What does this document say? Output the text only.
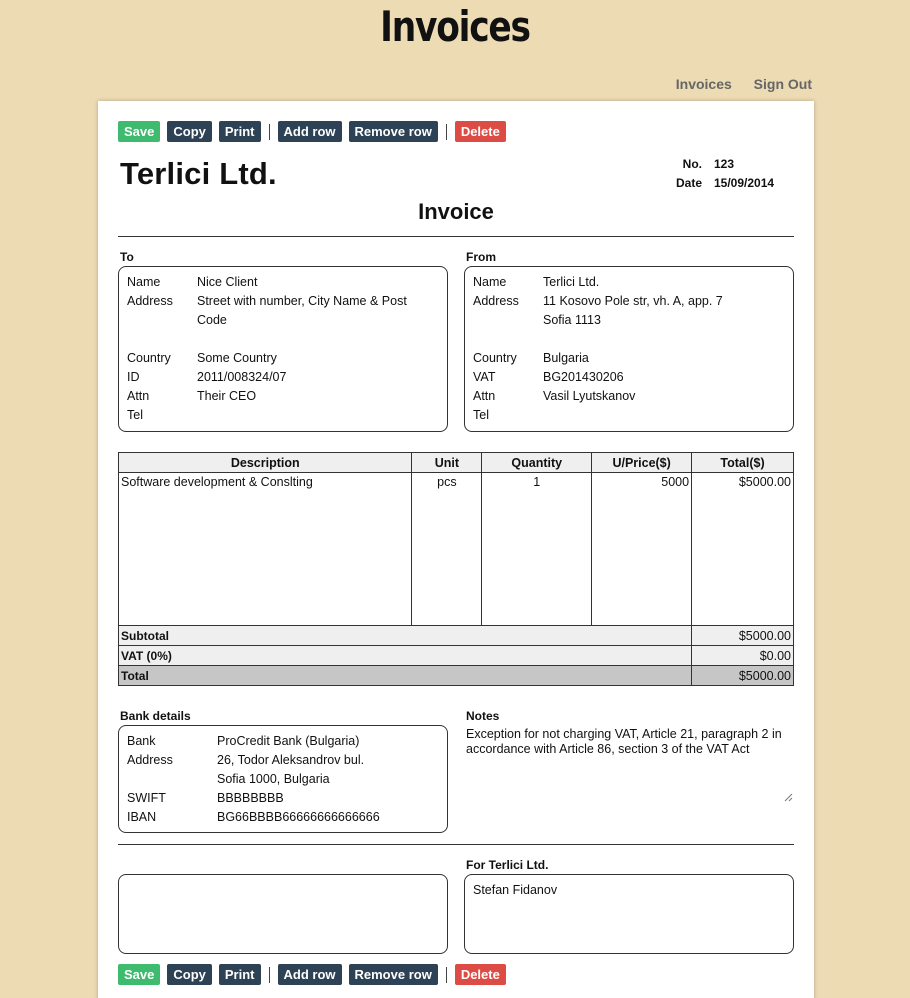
Invoices
Invoices Sign Out
Save	Copy	Print	Add row	Remove row	Delete
Terlici Ltd.	No.	123
Date	15/09/2014
Invoice
To
Name	Nice Client
Address	Street with number, City Name & Post Code
Country	Some Country
ID	2011/008324/07
Attn	Their CEO
Tel
From
Name	Terlici Ltd.
Address	11 Kosovo Pole str, vh. A, app. 7
Sofia 1113
Country	Bulgaria
VAT	BG201430206
Attn	Vasil Lyutskanov
Tel
Description	Unit	Quantity	U/Price($)	Total($)
Software development & Conslting	pcs	1	5000	$5000.00
Subtotal				$5000.00
VAT (0%)				$0.00
Total				$5000.00
Bank details
Bank	ProCredit Bank (Bulgaria)
Address	26, Todor Aleksandrov bul.
Sofia 1000, Bulgaria
SWIFT	BBBBBBBB
IBAN	BG66BBBB66666666666666
Notes
Exception for not charging VAT, Article 21, paragraph 2 in accordance with Article 86, section 3 of the VAT Act
For Terlici Ltd.
Stefan Fidanov
Save	Copy	Print	Add row	Remove row	Delete
